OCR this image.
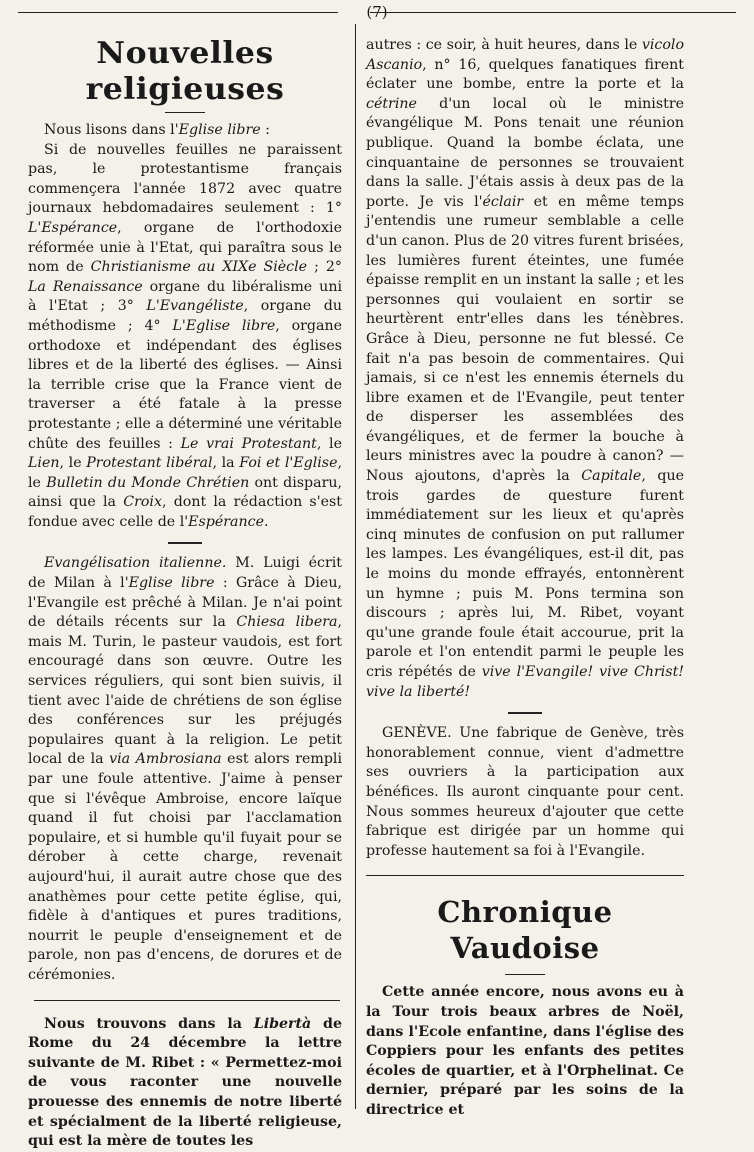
(7)
Nouvelles religieuses

Nous lisons dans l'Eglise libre :

Si de nouvelles feuilles ne paraissent pas, le protestantisme français commençera l'année 1872 avec quatre journaux hebdomadaires seulement : 1° L'Espérance, organe de l'orthodoxie réformée unie à l'Etat, qui paraîtra sous le nom de Christianisme au XIXe Siècle ; 2° La Renaissance organe du libéralisme uni à l'Etat ; 3° L'Evangéliste, organe du méthodisme ; 4° L'Eglise libre, organe orthodoxe et indépendant des églises libres et de la liberté des églises. — Ainsi la terrible crise que la France vient de traverser a été fatale à la presse protestante ; elle a déterminé une véritable chûte des feuilles : Le vrai Protestant, le Lien, le Protestant libéral, la Foi et l'Eglise, le Bulletin du Monde Chrétien ont disparu, ainsi que la Croix, dont la rédaction s'est fondue avec celle de l'Espérance.

Evangélisation italienne. M. Luigi écrit de Milan à l'Eglise libre : Grâce à Dieu, l'Evangile est prêché à Milan. Je n'ai point de détails récents sur la Chiesa libera, mais M. Turin, le pasteur vaudois, est fort encouragé dans son œuvre. Outre les services réguliers, qui sont bien suivis, il tient avec l'aide de chrétiens de son église des conférences sur les préjugés populaires quant à la religion. Le petit local de la via Ambrosiana est alors rempli par une foule attentive. J'aime à penser que si l'évêque Ambroise, encore laïque quand il fut choisi par l'acclamation populaire, et si humble qu'il fuyait pour se dérober à cette charge, revenait aujourd'hui, il aurait autre chose que des anathèmes pour cette petite église, qui, fidèle à d'antiques et pures traditions, nourrit le peuple d'enseignement et de parole, non pas d'encens, de dorures et de cérémonies.

Nous trouvons dans la Libertà de Rome du 24 décembre la lettre suivante de M. Ribet : « Permettez-moi de vous raconter une nouvelle prouesse des ennemis de notre liberté et spécialment de la liberté religieuse, qui est la mère de toutes les

autres : ce soir, à huit heures, dans le vicolo Ascanio, n° 16, quelques fanatiques firent éclater une bombe, entre la porte et la cétrine d'un local où le ministre évangélique M. Pons tenait une réunion publique. Quand la bombe éclata, une cinquantaine de personnes se trouvaient dans la salle. J'étais assis à deux pas de la porte. Je vis l'éclair et en même temps j'entendis une rumeur semblable a celle d'un canon. Plus de 20 vitres furent brisées, les lumières furent éteintes, une fumée épaisse remplit en un instant la salle ; et les personnes qui voulaient en sortir se heurtèrent entr'elles dans les ténèbres. Grâce à Dieu, personne ne fut blessé. Ce fait n'a pas besoin de commentaires. Qui jamais, si ce n'est les ennemis éternels du libre examen et de l'Evangile, peut tenter de disperser les assemblées des évangéliques, et de fermer la bouche à leurs ministres avec la poudre à canon? — Nous ajoutons, d'après la Capitale, que trois gardes de questure furent immédiatement sur les lieux et qu'après cinq minutes de confusion on put rallumer les lampes. Les évangéliques, est-il dit, pas le moins du monde effrayés, entonnèrent un hymne ; puis M. Pons termina son discours ; après lui, M. Ribet, voyant qu'une grande foule était accourue, prit la parole et l'on entendit parmi le peuple les cris répétés de vive l'Evangile! vive Christ! vive la liberté!

GENÈVE. Une fabrique de Genève, très honorablement connue, vient d'admettre ses ouvriers à la participation aux bénéfices. Ils auront cinquante pour cent. Nous sommes heureux d'ajouter que cette fabrique est dirigée par un homme qui professe hautement sa foi à l'Evangile.

Chronique Vaudoise

Cette année encore, nous avons eu à la Tour trois beaux arbres de Noël, dans l'Ecole enfantine, dans l'église des Coppiers pour les enfants des petites écoles de quartier, et à l'Orphelinat. Ce dernier, préparé par les soins de la directrice et
